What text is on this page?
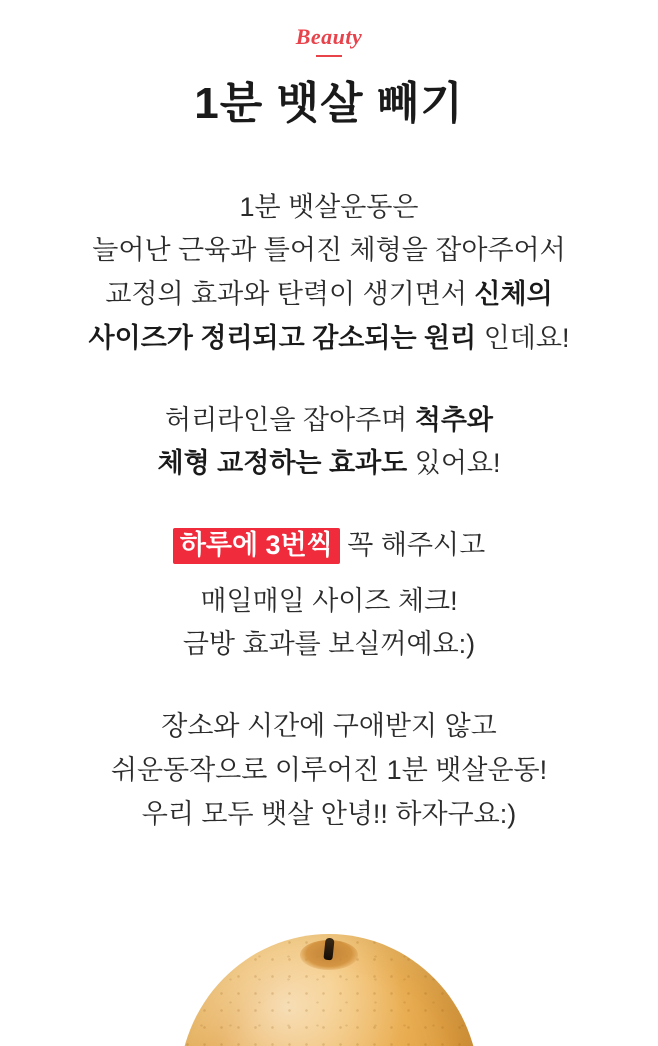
Beauty
1분 뱃살 빼기
1분 뱃살운동은
늘어난 근육과 틀어진 체형을 잡아주어서
교정의 효과와 탄력이 생기면서 신체의
사이즈가 정리되고 감소되는 원리 인데요!
허리라인을 잡아주며 척추와
체형 교정하는 효과도 있어요!
하루에 3번씩 꼭 해주시고
매일매일 사이즈 체크!
금방 효과를 보실꺼예요:)
장소와 시간에 구애받지 않고
쉬운동작으로 이루어진 1분 뱃살운동!
우리 모두 뱃살 안녕!! 하자구요:)
